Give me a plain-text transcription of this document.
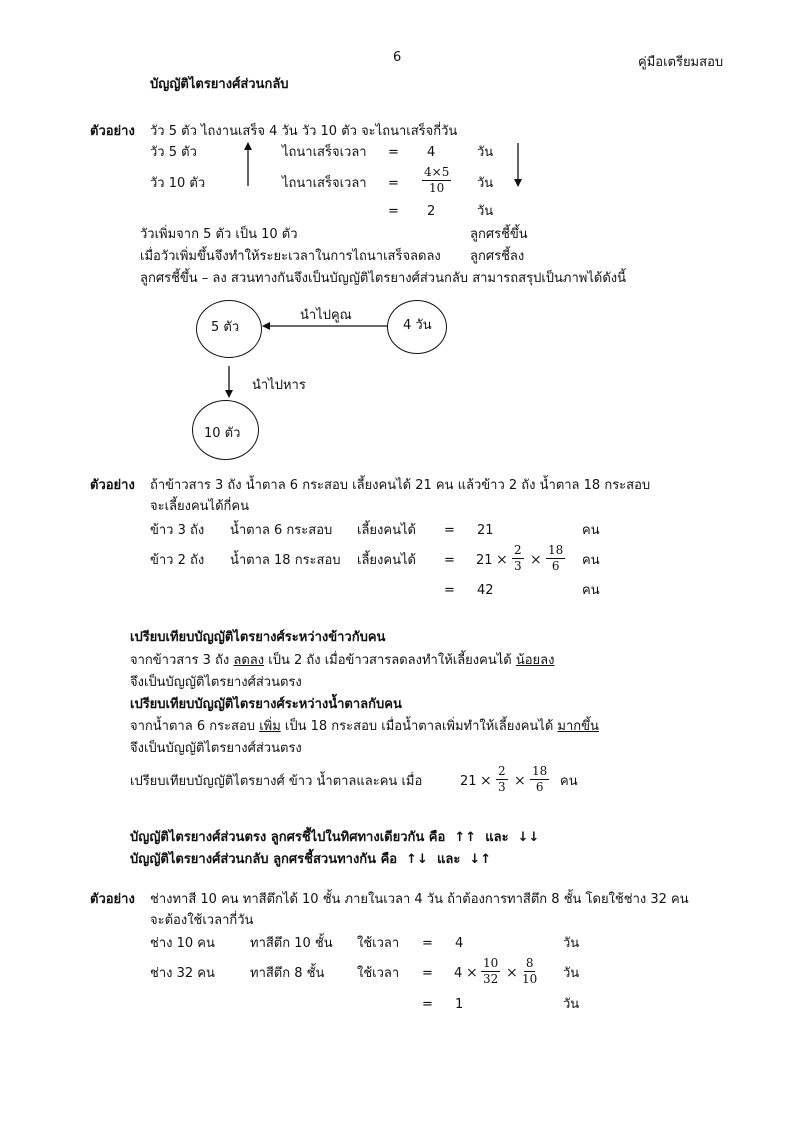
6	คู่มือเตรียมสอบ
บัญญัติไตรยางศ์ส่วนกลับ
ตัวอย่าง วัว 5 ตัว ไถงานเสร็จ 4 วัน วัว 10 ตัว จะไถนาเสร็จกี่วัน
วัว 5 ตัว	ไถนาเสร็จเวลา = 4	วัน
วัว 10 ตัว	ไถนาเสร็จเวลา = $\frac{4\times 5}{10}$ วัน
= 2	วัน
วัวเพิ่มจาก 5 ตัว เป็น 10 ตัว	ลูกศรชี้ขึ้น
เมื่อวัวเพิ่มขึ้นจึงทำให้ระยะเวลาในการไถนาเสร็จลดลง ลูกศรชี้ลง
ลูกศรชี้ขึ้น – ลง สวนทางกันจึงเป็นบัญญัติไตรยางศ์ส่วนกลับ สามารถสรุปเป็นภาพได้ดังนี้
5 ตัว	4 วัน
10 ตัว
นำไปคูณ
นำไปหาร
ตัวอย่าง ถ้าข้าวสาร 3 ถัง น้ำตาล 6 กระสอบ เลี้ยงคนได้ 21 คน แล้วข้าว 2 ถัง น้ำตาล 18 กระสอบ
จะเลี้ยงคนได้กี่คน
ข้าว 3 ถัง น้ำตาล 6 กระสอบ เลี้ยงคนได้ = 21	คน
ข้าว 2 ถัง น้ำตาล 18 กระสอบ เลี้ยงคนได้ = $21 \times \frac{2}{3} \times \frac{18}{6}$ คน
= 42	คน
เปรียบเทียบบัญญัติไตรยางศ์ระหว่างข้าวกับคน
จากข้าวสาร 3 ถัง ลดลง เป็น 2 ถัง เมื่อข้าวสารลดลงทำให้เลี้ยงคนได้ น้อยลง
จึงเป็นบัญญัติไตรยางศ์ส่วนตรง
เปรียบเทียบบัญญัติไตรยางศ์ระหว่างน้ำตาลกับคน
จากน้ำตาล 6 กระสอบ เพิ่ม เป็น 18 กระสอบ เมื่อน้ำตาลเพิ่มทำให้เลี้ยงคนได้ มากขึ้น
จึงเป็นบัญญัติไตรยางศ์ส่วนตรง
เปรียบเทียบบัญญัติไตรยางศ์ ข้าว น้ำตาลและคน เมื่อ	$21 \times \frac{2}{3} \times \frac{18}{6}$ คน
บัญญัติไตรยางศ์ส่วนตรง ลูกศรชี้ไปในทิศทางเดียวกัน คือ ↑↑ และ ↓↓
บัญญัติไตรยางศ์ส่วนกลับ ลูกศรชี้สวนทางกัน คือ ↑↓ และ ↓↑
ตัวอย่าง ช่างทาสี 10 คน ทาสีตึกได้ 10 ชั้น ภายในเวลา 4 วัน ถ้าต้องการทาสีตึก 8 ชั้น โดยใช้ช่าง 32 คน
จะต้องใช้เวลากี่วัน
ช่าง 10 คน	ทาสีตึก 10 ชั้น ใช้เวลา = 4	วัน
ช่าง 32 คน	ทาสีตึก 8 ชั้น	ใช้เวลา = $4 \times \frac{10}{32} \times \frac{8}{10}$ วัน
= 1	วัน
